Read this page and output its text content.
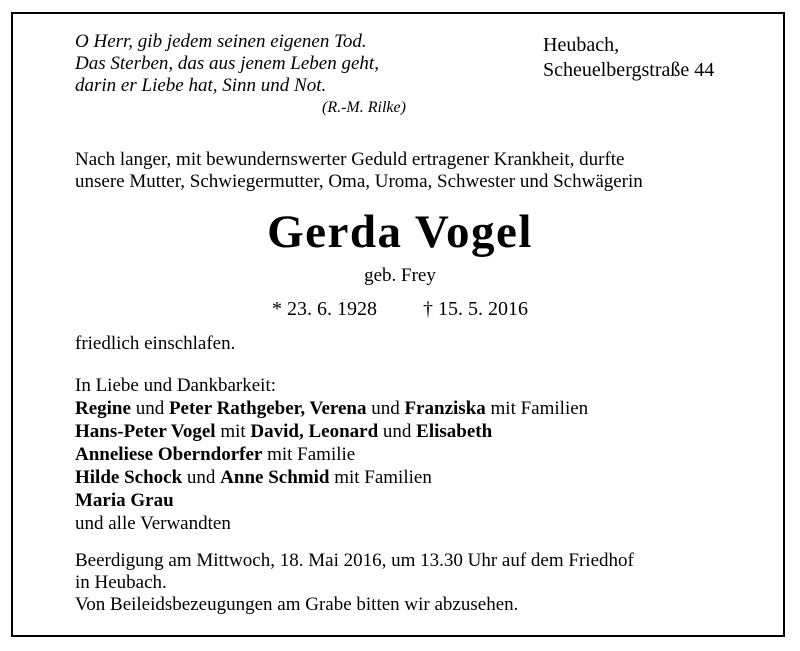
O Herr, gib jedem seinen eigenen Tod.
Das Sterben, das aus jenem Leben geht,
darin er Liebe hat, Sinn und Not.
(R.-M. Rilke)
Heubach,
Scheuelbergstraße 44
Nach langer, mit bewundernswerter Geduld ertragener Krankheit, durfte
unsere Mutter, Schwiegermutter, Oma, Uroma, Schwester und Schwägerin
Gerda Vogel
geb. Frey
* 23. 6. 1928 † 15. 5. 2016
friedlich einschlafen.
In Liebe und Dankbarkeit:
Regine und Peter Rathgeber, Verena und Franziska mit Familien
Hans-Peter Vogel mit David, Leonard und Elisabeth
Anneliese Oberndorfer mit Familie
Hilde Schock und Anne Schmid mit Familien
Maria Grau
und alle Verwandten
Beerdigung am Mittwoch, 18. Mai 2016, um 13.30 Uhr auf dem Friedhof
in Heubach.
Von Beileidsbezeugungen am Grabe bitten wir abzusehen.
